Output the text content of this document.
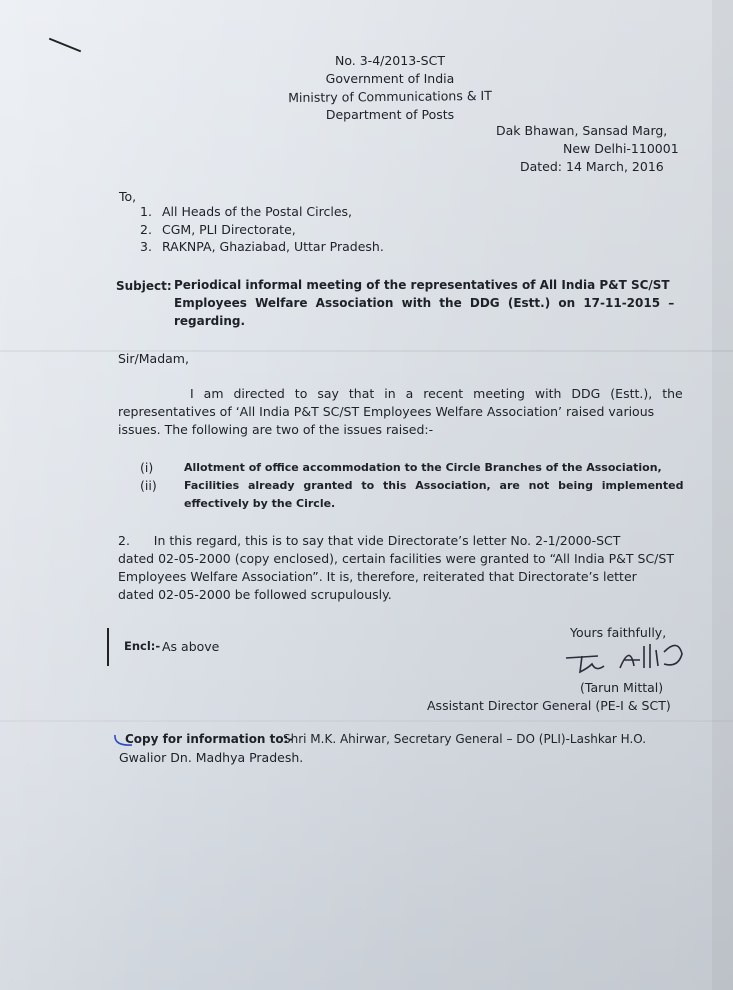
No. 3-4/2013-SCT
Government of India
Ministry of Communications & IT
Department of Posts
Dak Bhawan, Sansad Marg,
New Delhi-110001
Dated: 14 March, 2016
To,
1. All Heads of the Postal Circles,
2. CGM, PLI Directorate,
3. RAKNPA, Ghaziabad, Uttar Pradesh.
Subject: Periodical informal meeting of the representatives of All India P&T SC/ST
Employees Welfare Association with the DDG (Estt.) on 17-11-2015 –
regarding.
Sir/Madam,
I am directed to say that in a recent meeting with DDG (Estt.), the
representatives of ‘All India P&T SC/ST Employees Welfare Association’ raised various
issues. The following are two of the issues raised:-
(i)	Allotment of office accommodation to the Circle Branches of the Association,
(ii) Facilities already granted to this Association, are not being implemented
effectively by the Circle.
2.      In this regard, this is to say that vide Directorate’s letter No. 2-1/2000-SCT
dated 02-05-2000 (copy enclosed), certain facilities were granted to “All India P&T SC/ST
Employees Welfare Association”. It is, therefore, reiterated that Directorate’s letter
dated 02-05-2000 be followed scrupulously.
Yours faithfully,
Encl:- As above
(Tarun Mittal)
Assistant Director General (PE-I & SCT)
Copy for information to:-
Shri M.K. Ahirwar, Secretary General – DO (PLI)-Lashkar H.O.
Gwalior Dn. Madhya Pradesh.
